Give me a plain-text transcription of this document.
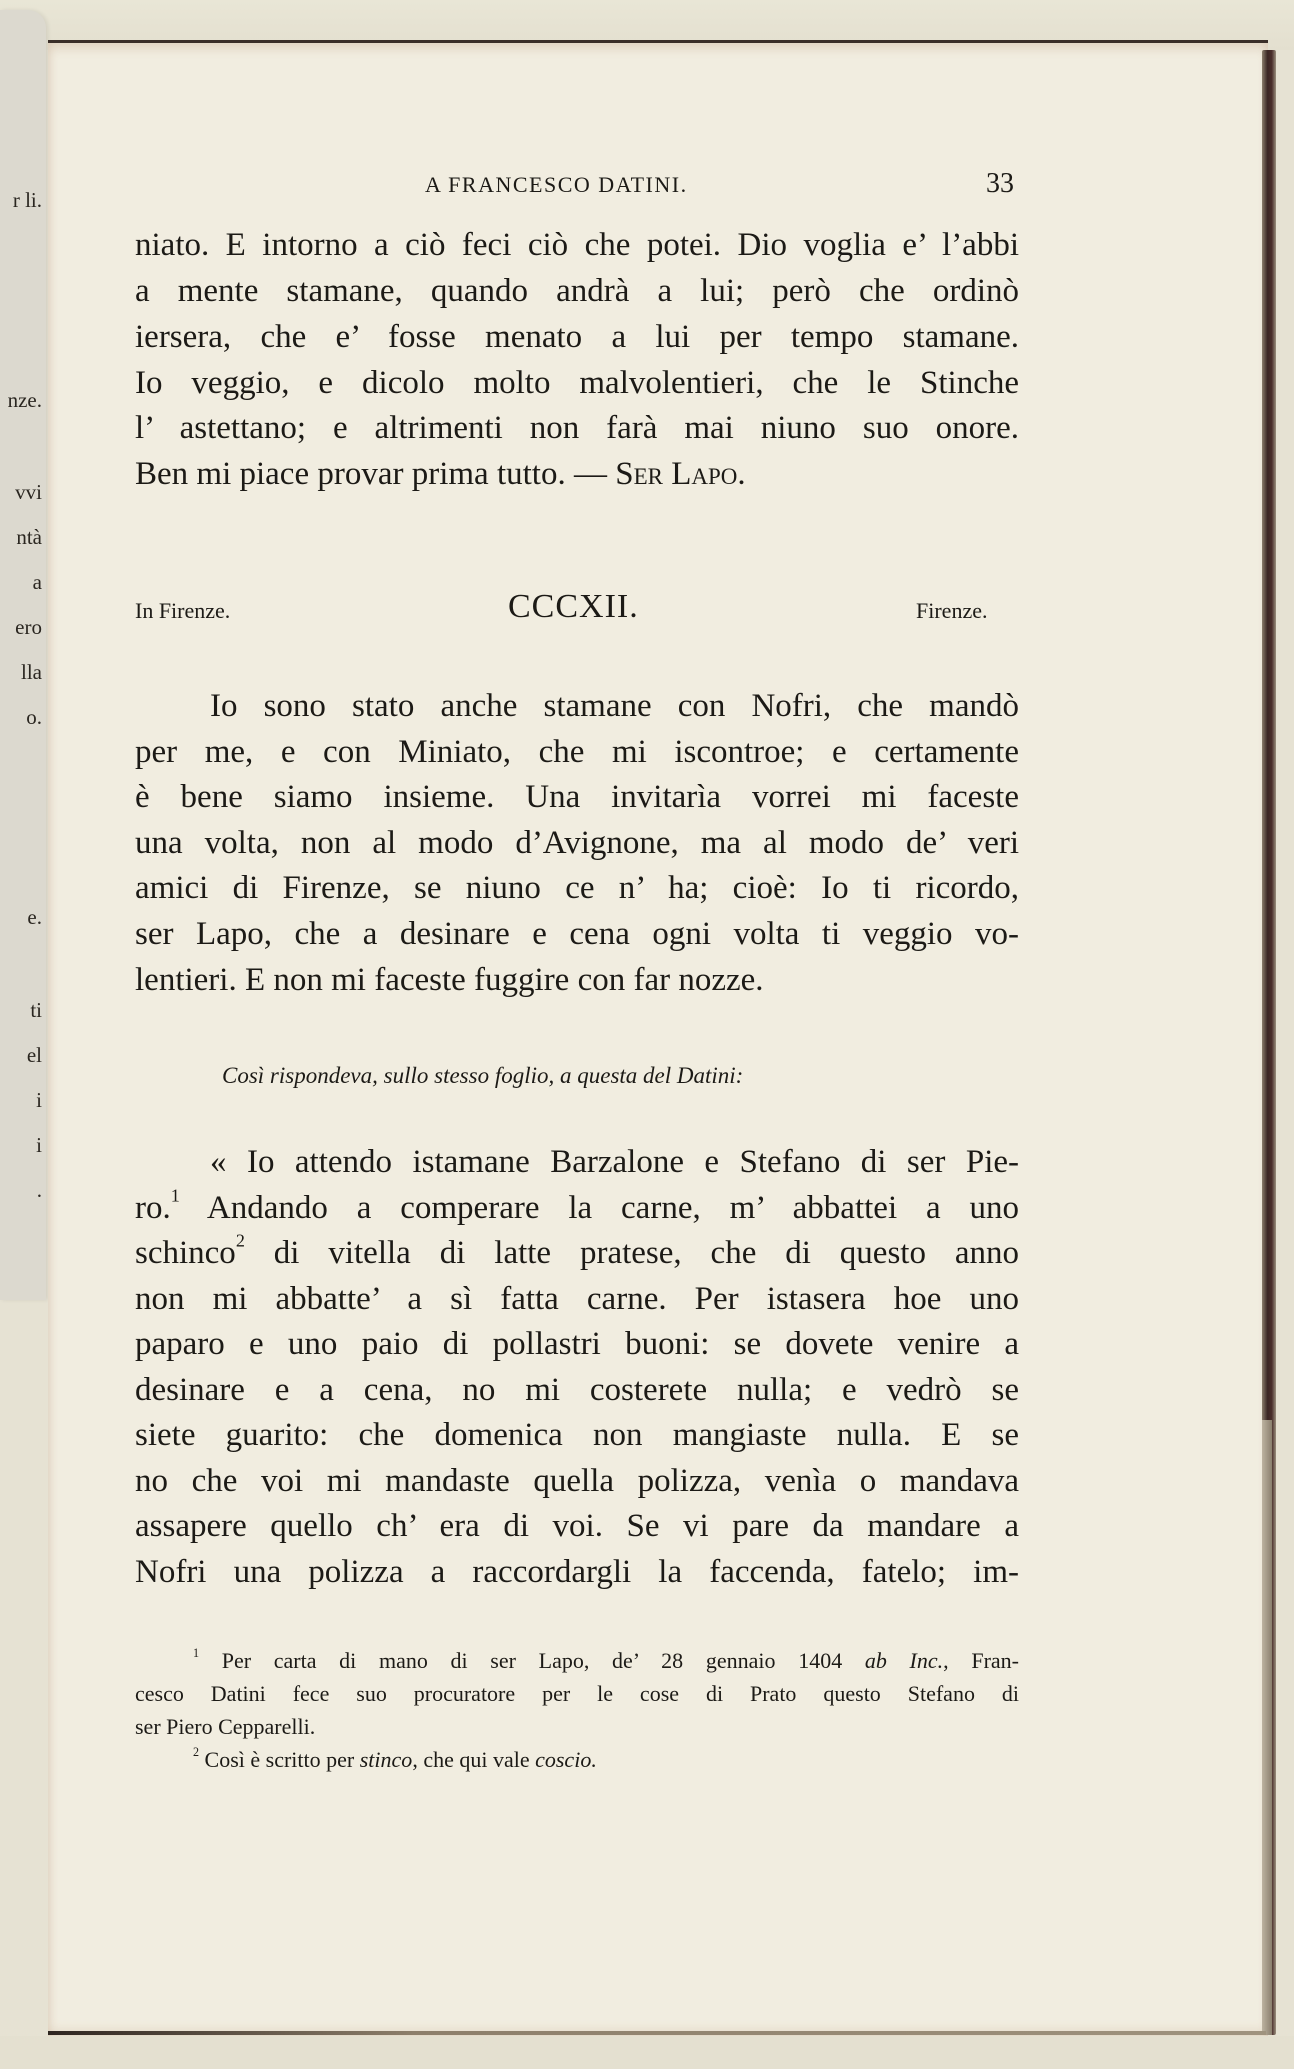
r li.
nze.
vvi
ntà
a
ero
lla
o.
e.
ti
el
i
i
.
A FRANCESCO DATINI.	33
niato. E intorno a ciò feci ciò che potei. Dio voglia e’ l’abbi
a mente stamane, quando andrà a lui; però che ordinò
iersera, che e’ fosse menato a lui per tempo stamane.
Io veggio, e dicolo molto malvolentieri, che le Stinche
l’ astettano; e altrimenti non farà mai niuno suo onore.
Ben mi piace provar prima tutto. — Ser Lapo.
In Firenze.	CCCXII.	Firenze.
Io sono stato anche stamane con Nofri, che mandò
per me, e con Miniato, che mi iscontroe; e certamente
è bene siamo insieme. Una invitarìa vorrei mi faceste
una volta, non al modo d’Avignone, ma al modo de’ veri
amici di Firenze, se niuno ce n’ ha; cioè: Io ti ricordo,
ser Lapo, che a desinare e cena ogni volta ti veggio vo-
lentieri. E non mi faceste fuggire con far nozze.
Così rispondeva, sullo stesso foglio, a questa del Datini:
« Io attendo istamane Barzalone e Stefano di ser Pie-
ro.$^1$ Andando a comperare la carne, m’ abbattei a uno
schinco$^2$ di vitella di latte pratese, che di questo anno
non mi abbatte’ a sì fatta carne. Per istasera hoe uno
paparo e uno paio di pollastri buoni: se dovete venire a
desinare e a cena, no mi costerete nulla; e vedrò se
siete guarito: che domenica non mangiaste nulla. E se
no che voi mi mandaste quella polizza, venìa o mandava
assapere quello ch’ era di voi. Se vi pare da mandare a
Nofri una polizza a raccordargli la faccenda, fatelo; im-
$^1$ Per carta di mano di ser Lapo, de’ 28 gennaio 1404 ab Inc., Fran-
cesco Datini fece suo procuratore per le cose di Prato questo Stefano di
ser Piero Cepparelli.
$^2$ Così è scritto per stinco, che qui vale coscio.
